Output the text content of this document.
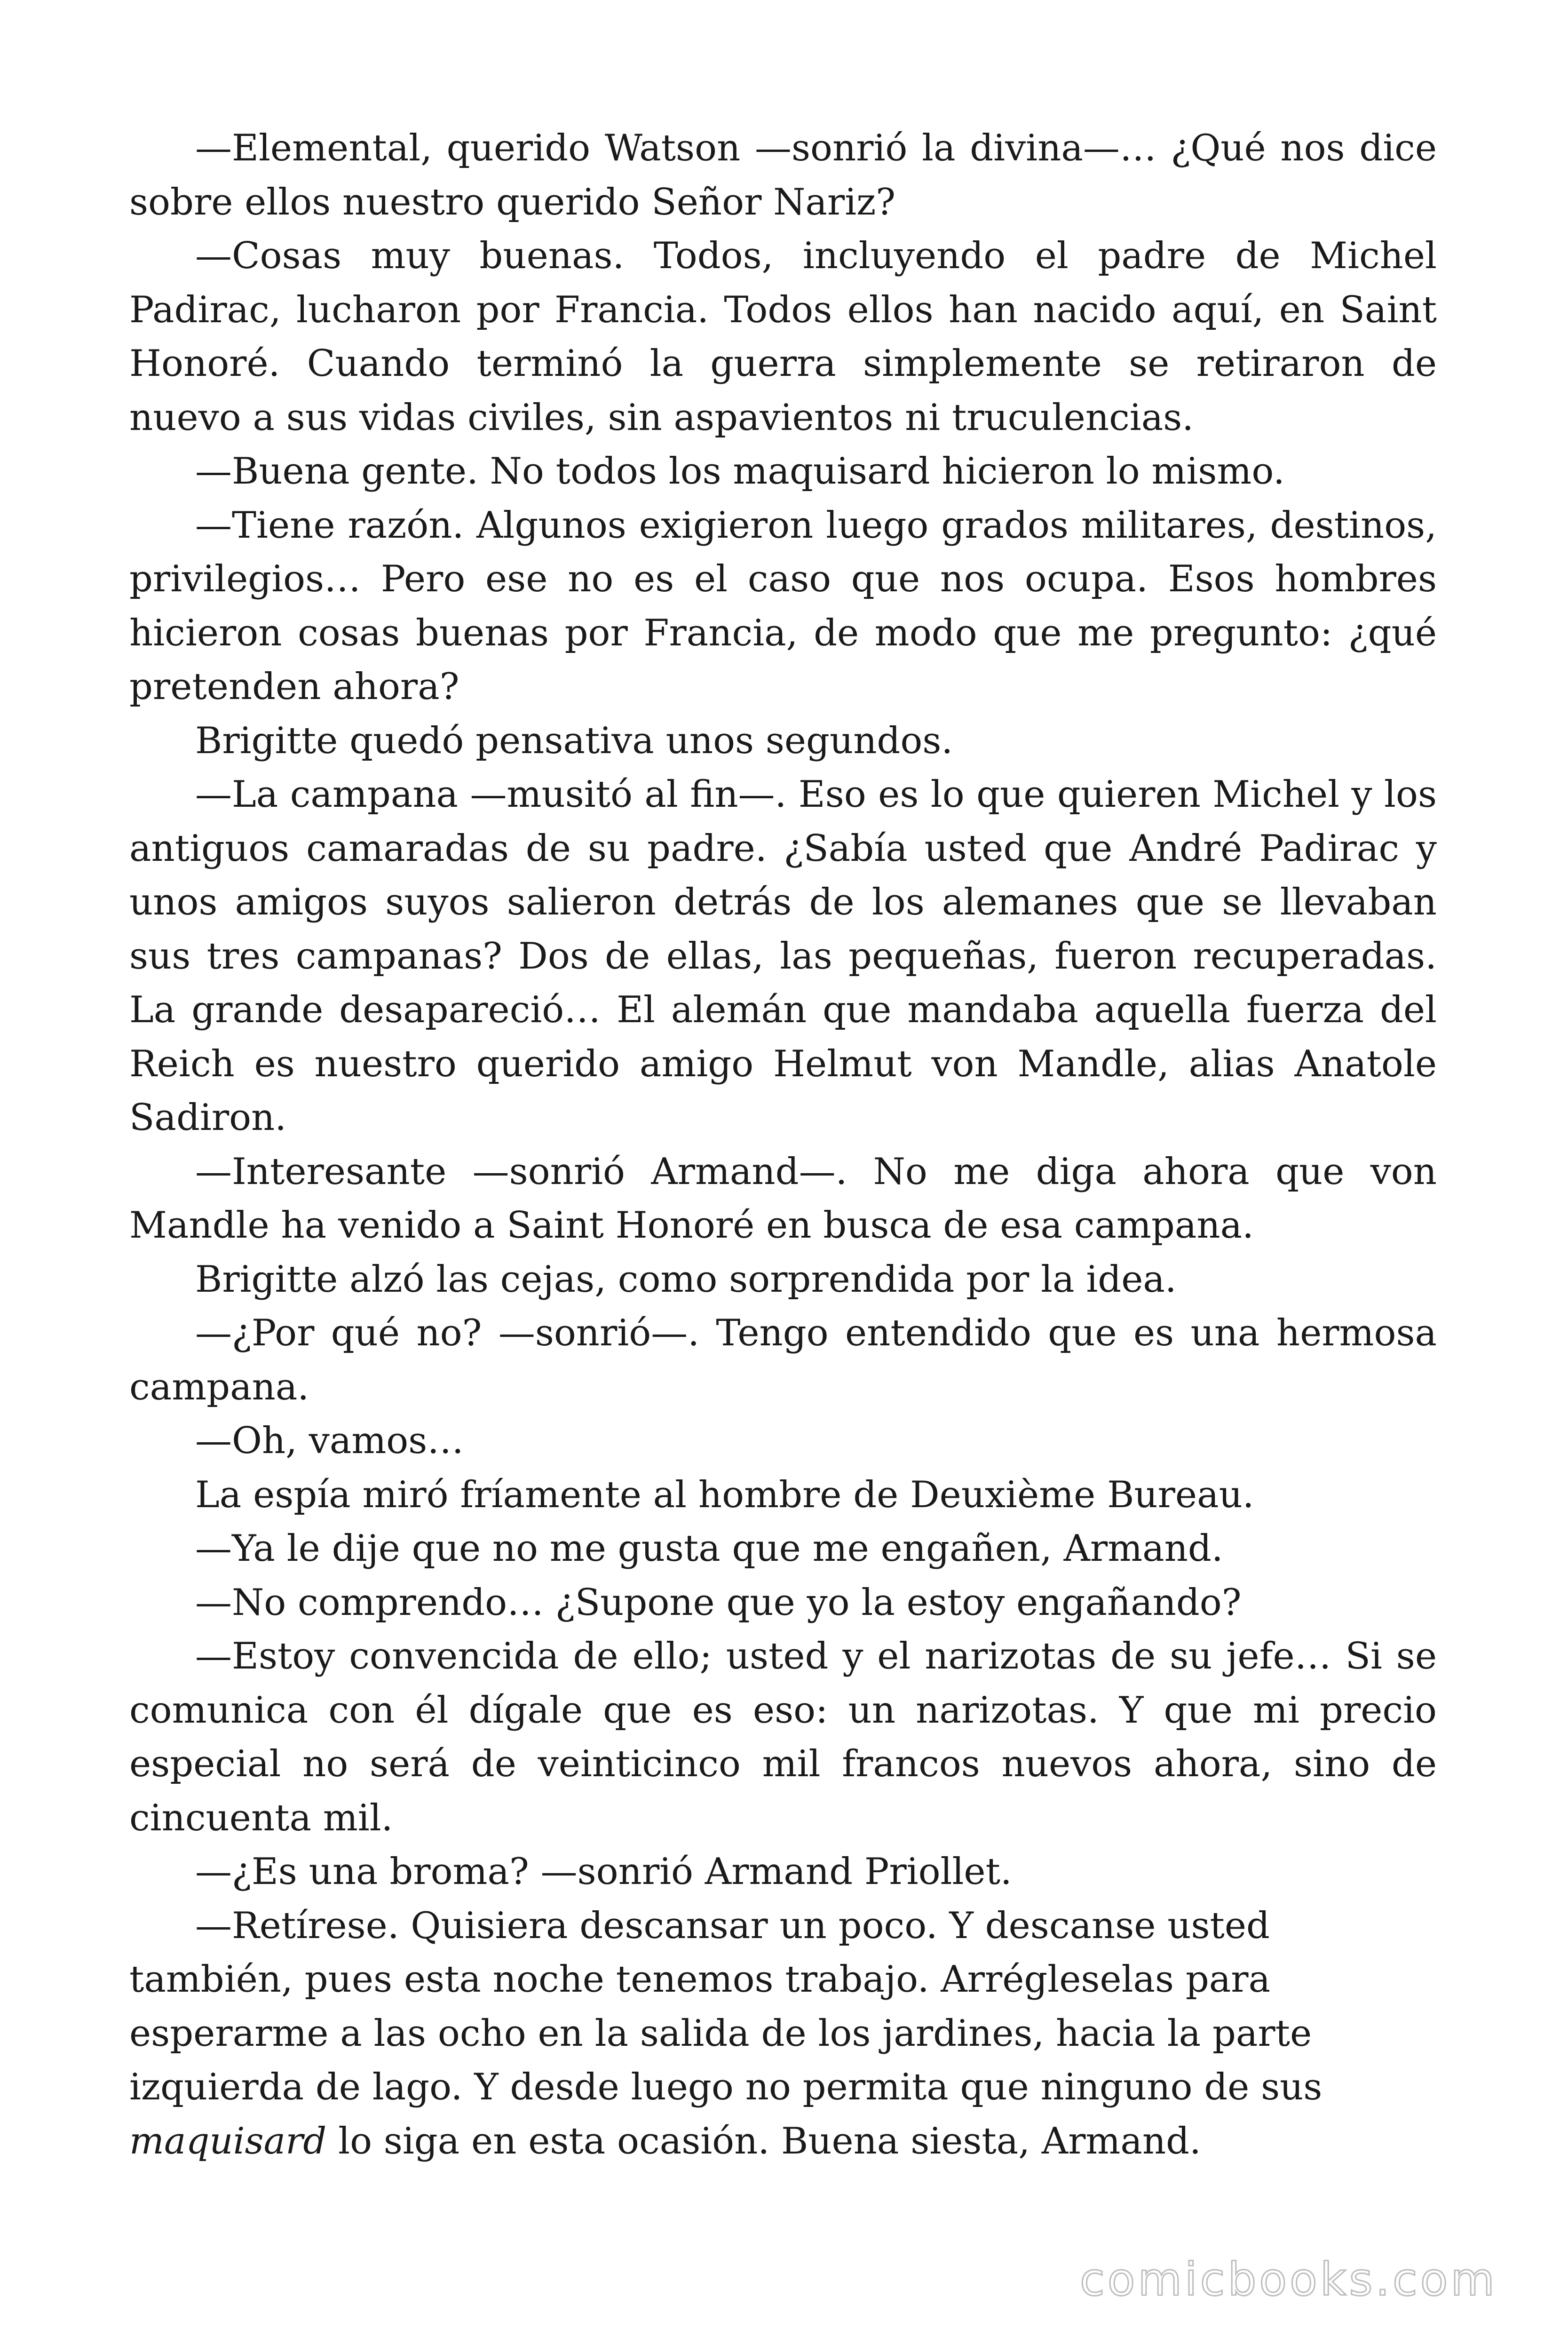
—Elemental, querido Watson —sonrió la divina—… ¿Qué nos dice sobre ellos nuestro querido Señor Nariz?

—Cosas muy buenas. Todos, incluyendo el padre de Michel Padirac, lucharon por Francia. Todos ellos han nacido aquí, en Saint Honoré. Cuando terminó la guerra simplemente se retiraron de nuevo a sus vidas civiles, sin aspavientos ni truculencias.

—Buena gente. No todos los maquisard hicieron lo mismo.

—Tiene razón. Algunos exigieron luego grados militares, destinos, privilegios… Pero ese no es el caso que nos ocupa. Esos hombres hicieron cosas buenas por Francia, de modo que me pregunto: ¿qué pretenden ahora?

Brigitte quedó pensativa unos segundos.

—La campana —musitó al fin—. Eso es lo que quieren Michel y los antiguos camaradas de su padre. ¿Sabía usted que André Padirac y unos amigos suyos salieron detrás de los alemanes que se llevaban sus tres campanas? Dos de ellas, las pequeñas, fueron recuperadas. La grande desapareció… El alemán que mandaba aquella fuerza del Reich es nuestro querido amigo Helmut von Mandle, alias Anatole Sadiron.

—Interesante —sonrió Armand—. No me diga ahora que von Mandle ha venido a Saint Honoré en busca de esa campana.

Brigitte alzó las cejas, como sorprendida por la idea.

—¿Por qué no? —sonrió—. Tengo entendido que es una hermosa campana.

—Oh, vamos…

La espía miró fríamente al hombre de Deuxième Bureau.

—Ya le dije que no me gusta que me engañen, Armand.

—No comprendo… ¿Supone que yo la estoy engañando?

—Estoy convencida de ello; usted y el narizotas de su jefe… Si se comunica con él dígale que es eso: un narizotas. Y que mi precio especial no será de veinticinco mil francos nuevos ahora, sino de cincuenta mil.

—¿Es una broma? —sonrió Armand Priollet.

—Retírese. Quisiera descansar un poco. Y descanse usted también, pues esta noche tenemos trabajo. Arrégleselas para esperarme a las ocho en la salida de los jardines, hacia la parte izquierda de lago. Y desde luego no permita que ninguno de sus maquisard lo siga en esta ocasión. Buena siesta, Armand.

comicbooks.com
